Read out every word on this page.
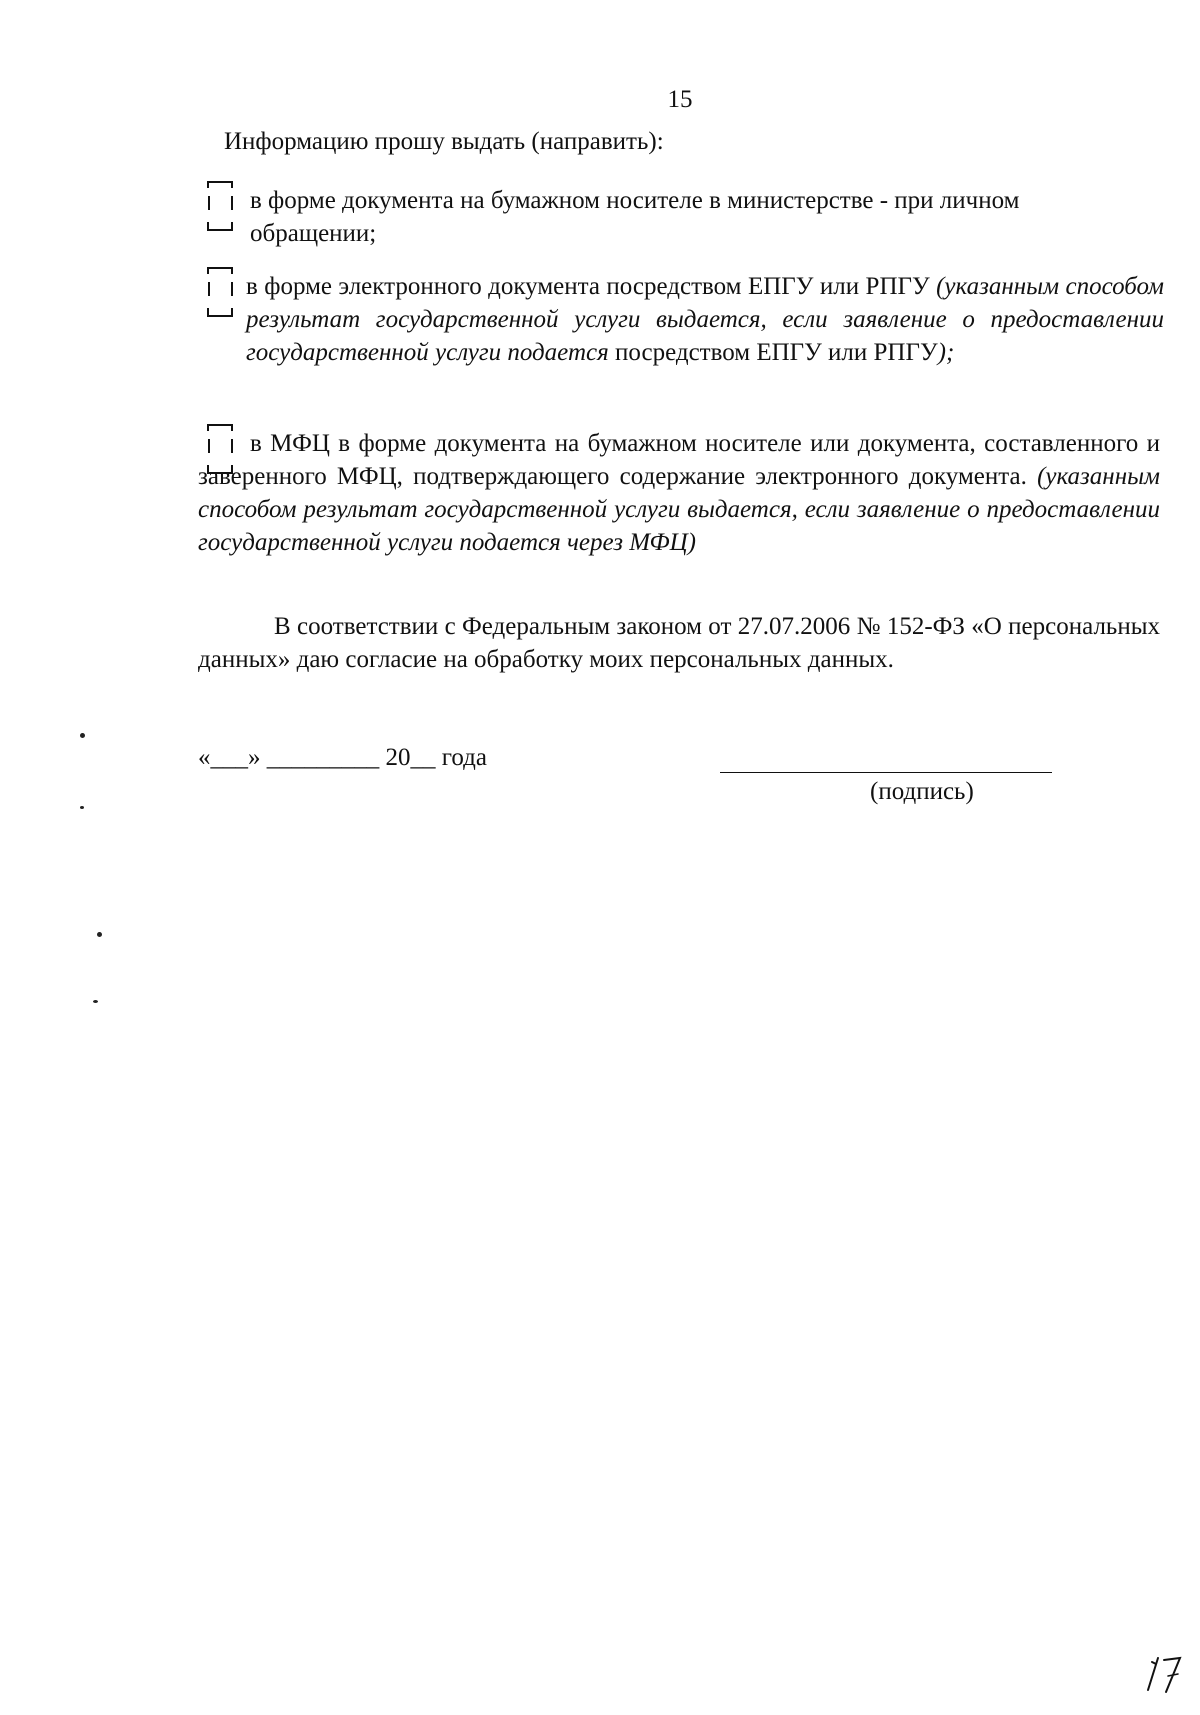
15
Информацию прошу выдать (направить):
в форме документа на бумажном носителе в министерстве - при личном
обращении;
в форме электронного документа посредством ЕПГУ или РПГУ (указанным способом результат государственной услуги выдается, если заявление о предоставлении государственной услуги подается посредством ЕПГУ или РПГУ);
в МФЦ в форме документа на бумажном носителе или документа, составленного и заверенного МФЦ, подтверждающего содержание электронного документа. (указанным способом результат государственной услуги выдается, если заявление о предоставлении государственной услуги подается через МФЦ)
В соответствии с Федеральным законом от 27.07.2006 № 152-ФЗ «О персональных данных» даю согласие на обработку моих персональных данных.
«___» _________ 20__ года
(подпись)
